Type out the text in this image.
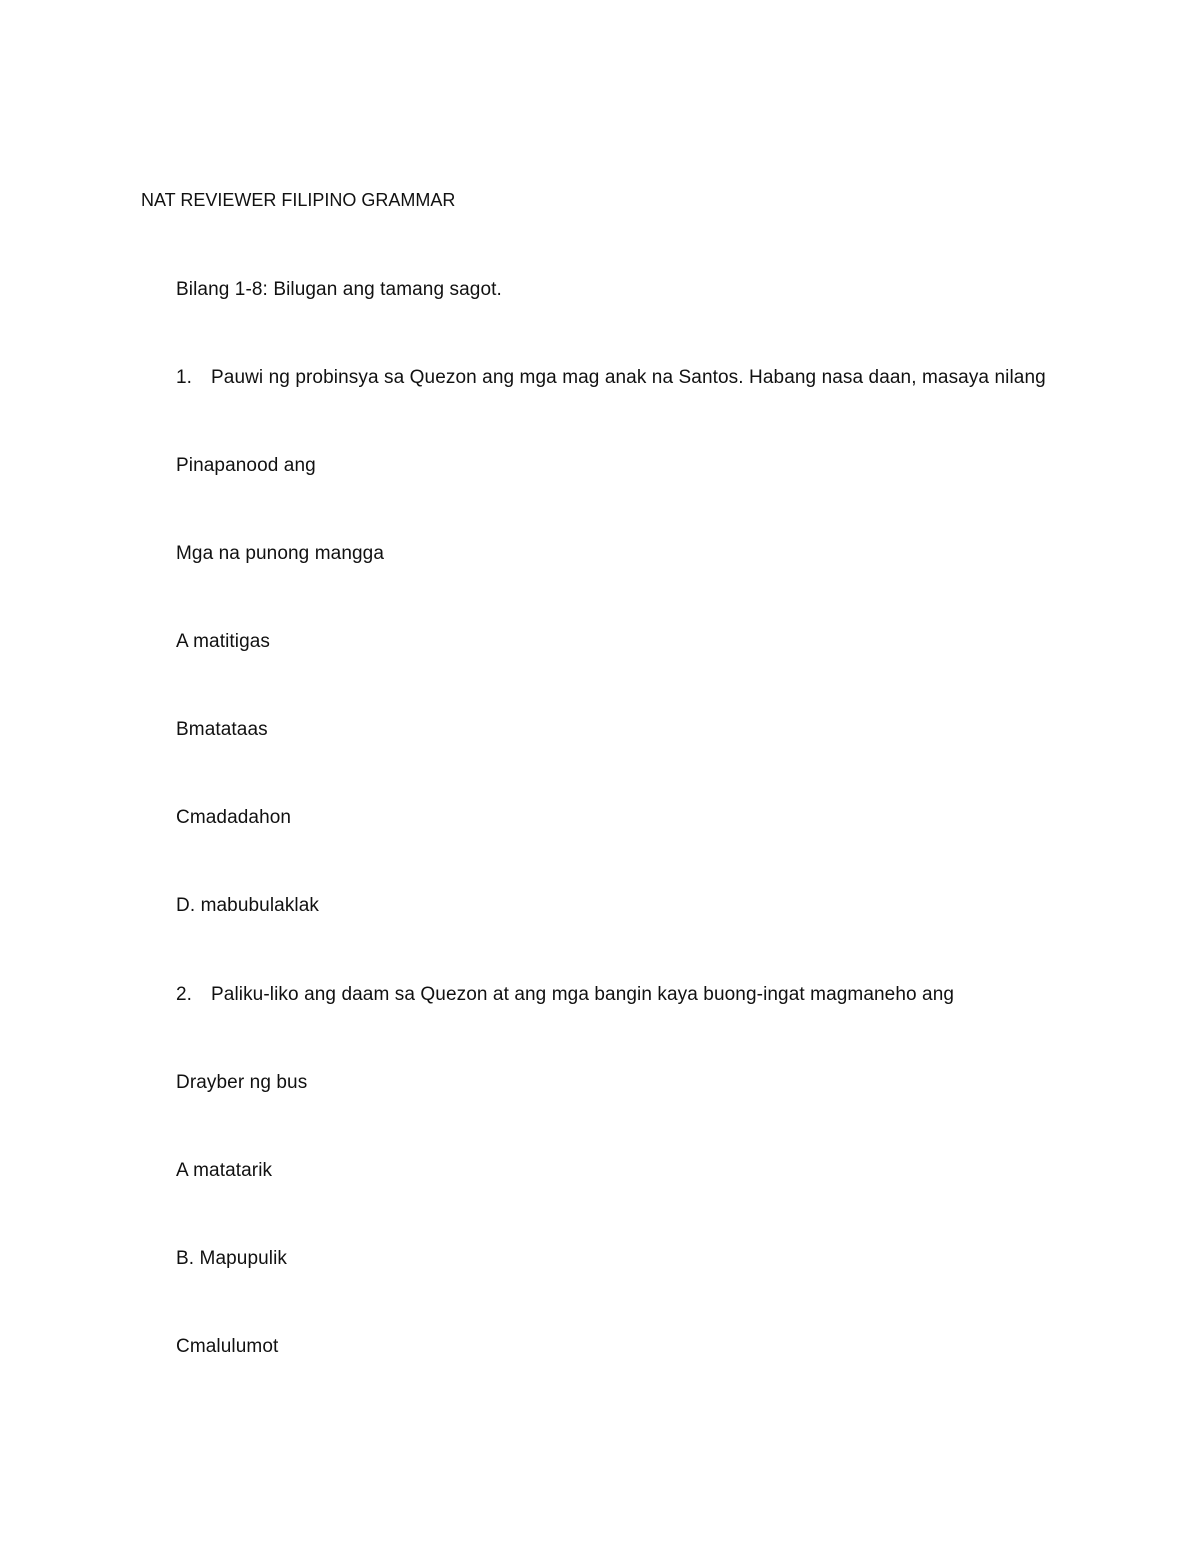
NAT REVIEWER FILIPINO GRAMMAR
Bilang 1-8: Bilugan ang tamang sagot.
1. Pauwi ng probinsya sa Quezon ang mga mag anak na Santos. Habang nasa daan, masaya nilang
Pinapanood ang
Mga na punong mangga
A matitigas
Bmatataas
Cmadadahon
D. mabubulaklak
2. Paliku-liko ang daam sa Quezon at ang mga bangin kaya buong-ingat magmaneho ang
Drayber ng bus
A matatarik
B. Mapupulik
Cmalulumot
